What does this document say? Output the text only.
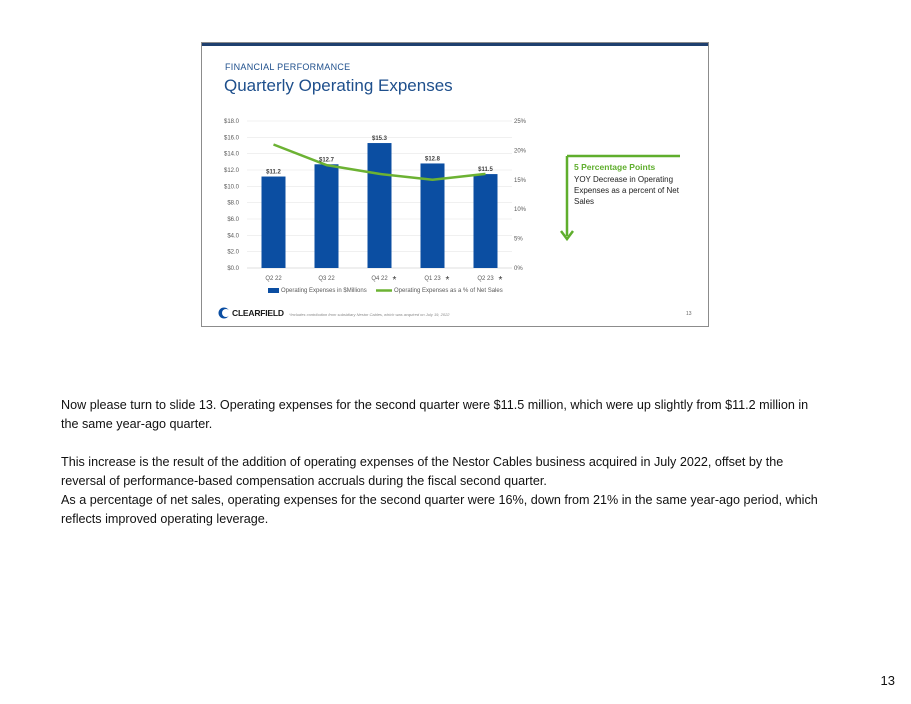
FINANCIAL PERFORMANCE
Quarterly Operating Expenses
$0.0
$2.0
$4.0
$6.0
$8.0
$10.0
$12.0
$14.0
$16.0
$18.0
0%
5%
10%
15%
20%
25%
$11.2
$12.7
$15.3
$12.8
$11.5
Q2 22	Q3 22	Q4 22 *	Q1 23 *	Q2 23 *
Operating Expenses in $Millions	Operating Expenses as a % of Net Sales
5 Percentage Points
YOY Decrease in Operating Expenses as a percent of Net Sales
CLEARFIELD *Includes contribution from subsidiary Nestor Cables, which was acquired on July 19, 2022	13

Now please turn to slide 13. Operating expenses for the second quarter were $11.5 million, which were up slightly from $11.2 million in the same year-ago quarter.

This increase is the result of the addition of operating expenses of the Nestor Cables business acquired in July 2022, offset by the reversal of performance-based compensation accruals during the fiscal second quarter.

As a percentage of net sales, operating expenses for the second quarter were 16%, down from 21% in the same year-ago period, which reflects improved operating leverage.

13
